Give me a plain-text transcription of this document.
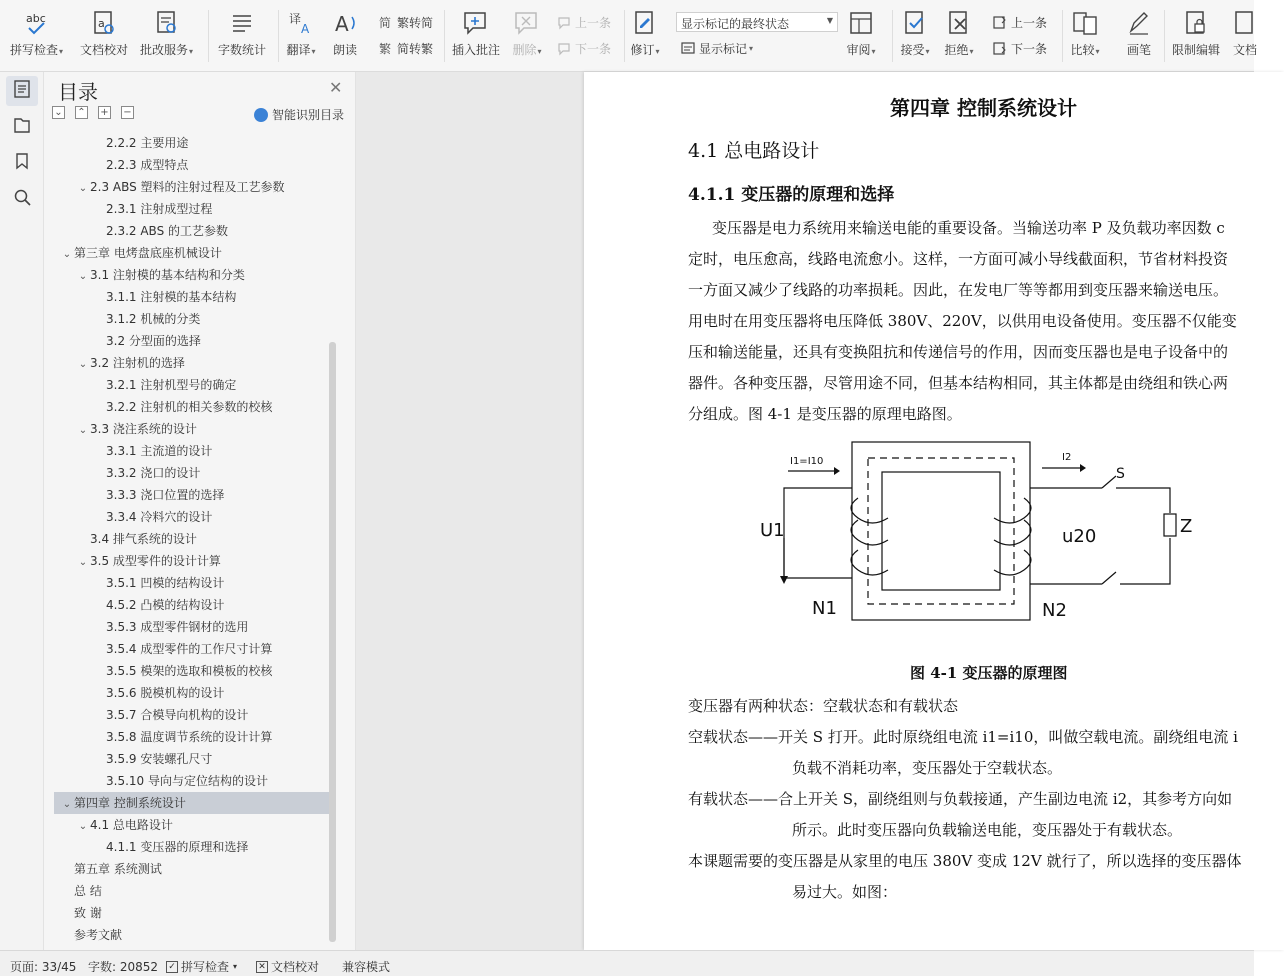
abc
拼写检查▾
a
文档校对 批改服务▾ 字数统计
译
A
翻译▾
A
朗读
简 繁转简
繁 简转繁 插入批注 删除▾
上一条
下一条 修订▾
显示标记的最终状态	▼
显示标记 ▾	审阅▾ 接受▾ 拒绝▾
上一条
下一条 比较▾ 画笔 限制编辑 文档
目录	✕
⌄ ⌃ + −	智能识别目录
2.2.2 主要用途
2.2.3 成型特点
⌄ 2.3 ABS 塑料的注射过程及工艺参数
2.3.1 注射成型过程
2.3.2 ABS 的工艺参数
⌄ 第三章 电烤盘底座机械设计
⌄ 3.1 注射模的基本结构和分类
3.1.1 注射模的基本结构
3.1.2 机械的分类
3.2 分型面的选择
⌄ 3.2 注射机的选择
3.2.1 注射机型号的确定
3.2.2 注射机的相关参数的校核
⌄ 3.3 浇注系统的设计
3.3.1 主流道的设计
3.3.2 浇口的设计
3.3.3 浇口位置的选择
3.3.4 冷料穴的设计
3.4 排气系统的设计
⌄ 3.5 成型零件的设计计算
3.5.1 凹模的结构设计
4.5.2 凸模的结构设计
3.5.3 成型零件钢材的选用
3.5.4 成型零件的工作尺寸计算
3.5.5 模架的选取和模板的校核
3.5.6 脱模机构的设计
3.5.7 合模导向机构的设计
3.5.8 温度调节系统的设计计算
3.5.9 安装螺孔尺寸
3.5.10 导向与定位结构的设计
⌄ 第四章 控制系统设计
⌄ 4.1 总电路设计
4.1.1 变压器的原理和选择
第五章 系统测试
总 结
致 谢
参考文献
第四章 控制系统设计
4.1 总电路设计
4.1.1 变压器的原理和选择
变压器是电力系统用来输送电能的重要设备。当输送功率 P 及负载功率因数 c
定时，电压愈高，线路电流愈小。这样，一方面可减小导线截面积，节省材料投资
一方面又减少了线路的功率损耗。因此，在发电厂等等都用到变压器来输送电压。
用电时在用变压器将电压降低 380V、220V，以供用电设备使用。变压器不仅能变
压和输送能量，还具有变换阻抗和传递信号的作用，因而变压器也是电子设备中的
器件。各种变压器，尽管用途不同，但基本结构相同，其主体都是由绕组和铁心两
分组成。图 4-1 是变压器的原理电路图。
I1=I10	I2
U1	u20
N1	N2
S
Z
图 4-1 变压器的原理图
变压器有两种状态：空载状态和有载状态
空载状态——开关 S 打开。此时原绕组电流 i1=i10，叫做空载电流。副绕组电流 i
负载不消耗功率，变压器处于空载状态。
有载状态——合上开关 S，副绕组则与负载接通，产生副边电流 i2，其参考方向如
所示。此时变压器向负载输送电能，变压器处于有载状态。
本课题需要的变压器是从家里的电压 380V 变成 12V 就行了，所以选择的变压器体
易过大。如图：
页面: 33/45 字数: 20852 ✓ 拼写检查 ▾ ✕ 文档校对 兼容模式
